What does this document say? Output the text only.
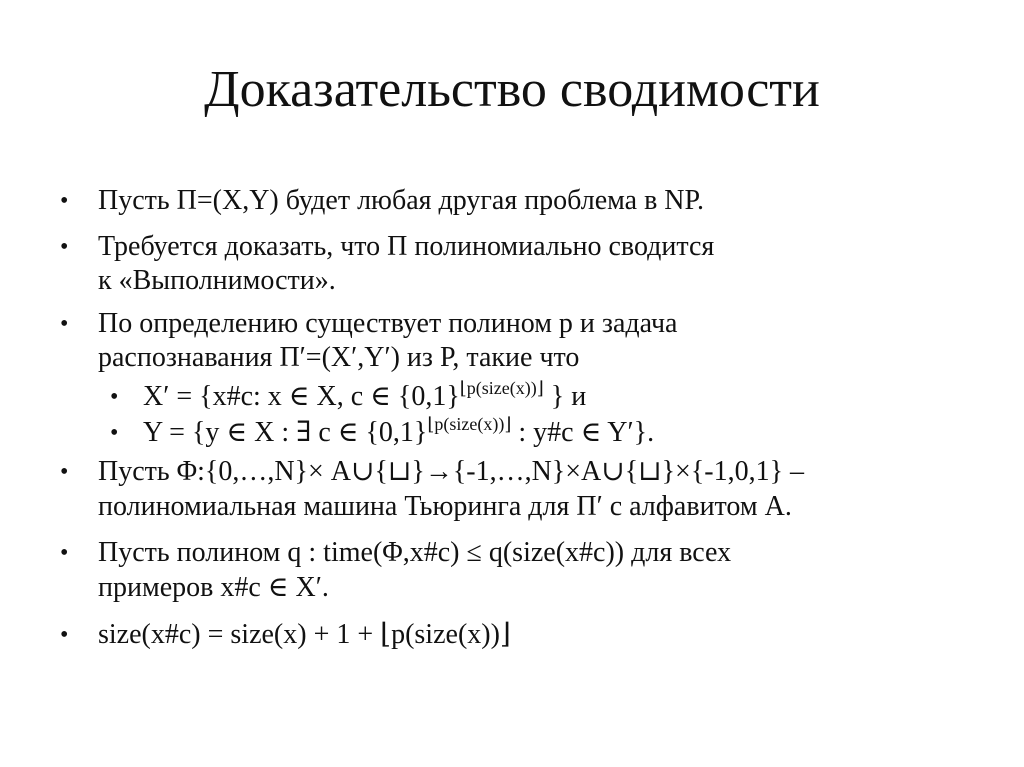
Доказательство сводимости
• Пусть Π=(X,Y) будет любая другая проблема в NP.
• Требуется доказать, что Π полиномиально сводится
к «Выполнимости».
• По определению существует полином p и задача
распознавания Π′=(X′,Y′) из P, такие что
• X′ = {x#c: x ∈ X, c ∈ $\{0,1\}^{⌊p(size(x))⌋}$ } и
• Y = {y ∈ X : ∃ c ∈ $\{0,1\}^{⌊p(size(x))⌋}$ : y#c ∈ Y′}.
• Пусть Φ:{0,…,N}× A∪{⊔}→{-1,…,N}×A∪{⊔}×{-1,0,1} –
полиномиальная машина Тьюринга для Π′ с алфавитом A.
• Пусть полином q : time(Φ,x#c) ≤ q(size(x#c)) для всех
примеров x#c ∈ X′.
• size(x#c) = size(x) + 1 + ⌊p(size(x))⌋
